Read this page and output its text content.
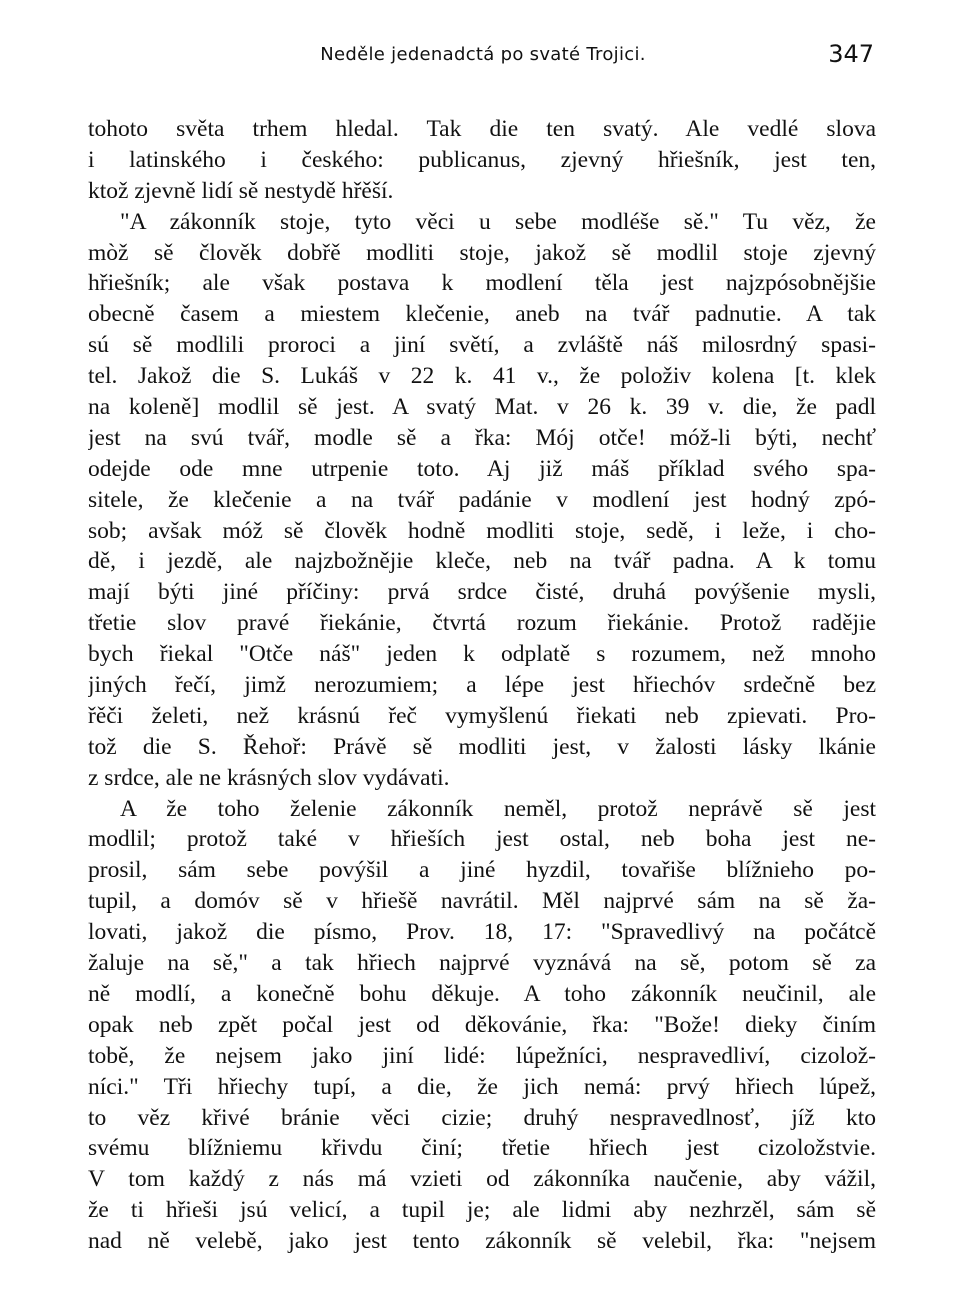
Neděle jedenadctá po svaté Trojici.	347
tohoto světa trhem hledal. Tak die ten svatý. Ale vedlé slova
i latinského i českého: publicanus, zjevný hřiešník, jest ten,
ktož zjevně lidí sě nestydě hřěší.
"A zákonník stoje, tyto věci u sebe modléše sě." Tu věz, že
mòž sě člověk dobřě modliti stoje, jakož sě modlil stoje zjevný
hřiešník; ale však postava k modlení těla jest najzpósobnějšie
obecně časem a miestem klečenie, aneb na tvář padnutie. A tak
sú sě modlili proroci a jiní světí, a zvláště náš milosrdný spasi-
tel. Jakož die S. Lukáš v 22 k. 41 v., že položiv kolena [t. klek
na koleně] modlil sě jest. A svatý Mat. v 26 k. 39 v. die, že padl
jest na svú tvář, modle sě a řka: Mój otče! móž-li býti, nechť
odejde ode mne utrpenie toto. Aj již máš příklad svého spa-
sitele, že klečenie a na tvář padánie v modlení jest hodný zpó-
sob; avšak móž sě člověk hodně modliti stoje, sedě, i leže, i cho-
dě, i jezdě, ale najzbožnějie kleče, neb na tvář padna. A k tomu
mají býti jiné příčiny: prvá srdce čisté, druhá povýšenie mysli,
třetie slov pravé řiekánie, čtvrtá rozum řiekánie. Protož radějie
bych řiekal "Otče náš" jeden k odplatě s rozumem, než mnoho
jiných řečí, jimž nerozumiem; a lépe jest hřiechóv srdečně bez
řěči želeti, než krásnú řeč vymyšlenú řiekati neb zpievati. Pro-
tož die S. Řehoř: Právě sě modliti jest, v žalosti lásky lkánie
z srdce, ale ne krásných slov vydávati.
A že toho želenie zákonník neměl, protož neprávě sě jest
modlil; protož také v hřieších jest ostal, neb boha jest ne-
prosil, sám sebe povýšil a jiné hyzdil, tovařiše blížnieho po-
tupil, a domóv sě v hřiešě navrátil. Měl najprvé sám na sě ža-
lovati, jakož die písmo, Prov. 18, 17: "Spravedlivý na počátcě
žaluje na sě," a tak hřiech najprvé vyznává na sě, potom sě za
ně modlí, a konečně bohu děkuje. A toho zákonník neučinil, ale
opak neb zpět počal jest od děkovánie, řka: "Bože! dieky činím
tobě, že nejsem jako jiní lidé: lúpežníci, nespravedliví, cizolož-
níci." Tři hřiechy tupí, a die, že jich nemá: prvý hřiech lúpež,
to věz křivé bránie věci cizie; druhý nespravedlnosť, jíž kto
svému blížniemu křivdu činí; třetie hřiech jest cizoložstvie.
V tom každý z nás má vzieti od zákonníka naučenie, aby vážil,
že ti hřieši jsú velicí, a tupil je; ale lidmi aby nezhrzěl, sám sě
nad ně velebě, jako jest tento zákonník sě velebil, řka: "nejsem
